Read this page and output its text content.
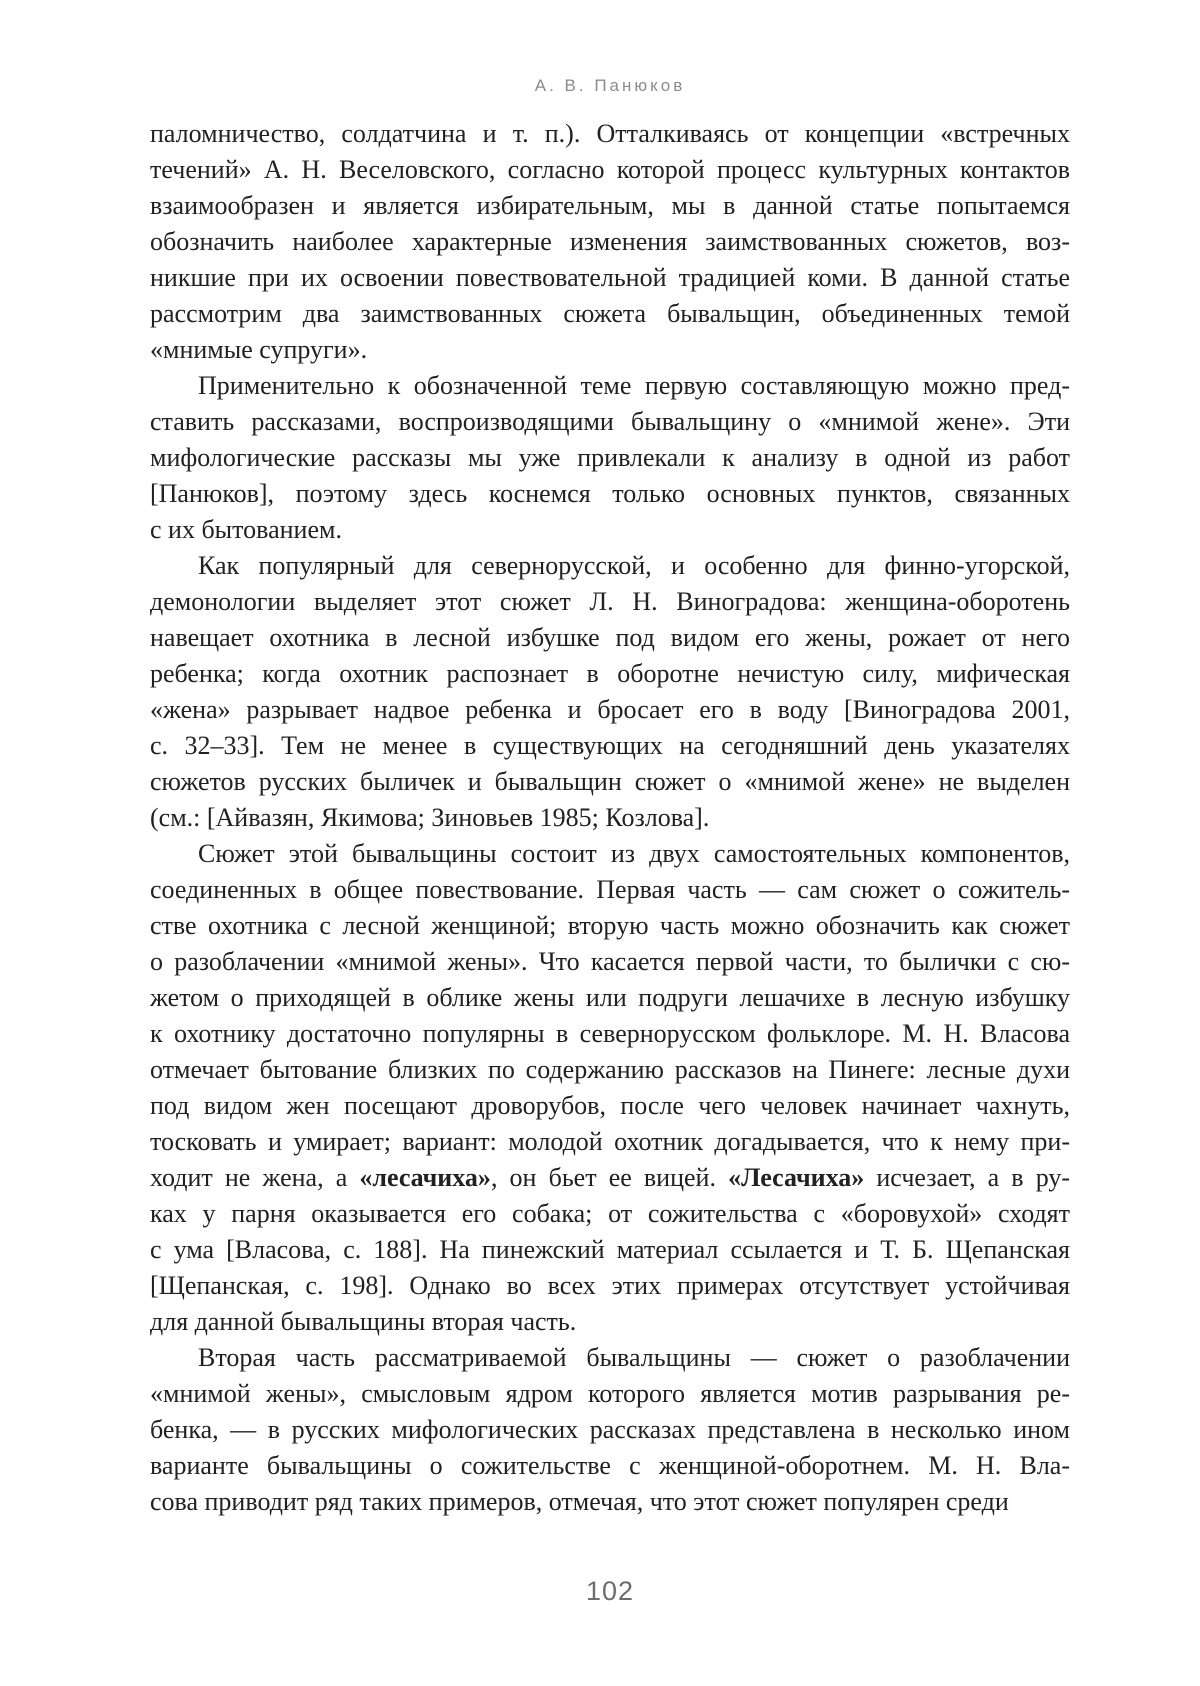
А. В. Панюков
паломничество, солдатчина и т. п.). Отталкиваясь от концепции «встречных
течений» А. Н. Веселовского, согласно которой процесс культурных контактов
взаимообразен и является избирательным, мы в данной статье попытаемся
обозначить наиболее характерные изменения заимствованных сюжетов, воз-
никшие при их освоении повествовательной традицией коми. В данной статье
рассмотрим два заимствованных сюжета бывальщин, объединенных темой
«мнимые супруги».
Применительно к обозначенной теме первую составляющую можно пред-
ставить рассказами, воспроизводящими бывальщину о «мнимой жене». Эти
мифологические рассказы мы уже привлекали к анализу в одной из работ
[Панюков], поэтому здесь коснемся только основных пунктов, связанных
с их бытованием.
Как популярный для севернорусской, и особенно для финно-угорской,
демонологии выделяет этот сюжет Л. Н. Виноградова: женщина-оборотень
навещает охотника в лесной избушке под видом его жены, рожает от него
ребенка; когда охотник распознает в оборотне нечистую силу, мифическая
«жена» разрывает надвое ребенка и бросает его в воду [Виноградова 2001,
с. 32–33]. Тем не менее в существующих на сегодняшний день указателях
сюжетов русских быличек и бывальщин сюжет о «мнимой жене» не выделен
(см.: [Айвазян, Якимова; Зиновьев 1985; Козлова].
Сюжет этой бывальщины состоит из двух самостоятельных компонентов,
соединенных в общее повествование. Первая часть — сам сюжет о сожитель-
стве охотника с лесной женщиной; вторую часть можно обозначить как сюжет
о разоблачении «мнимой жены». Что касается первой части, то былички с сю-
жетом о приходящей в облике жены или подруги лешачихе в лесную избушку
к охотнику достаточно популярны в севернорусском фольклоре. М. Н. Власова
отмечает бытование близких по содержанию рассказов на Пинеге: лесные духи
под видом жен посещают дроворубов, после чего человек начинает чахнуть,
тосковать и умирает; вариант: молодой охотник догадывается, что к нему при-
ходит не жена, а «лесачиха», он бьет ее вицей. «Лесачиха» исчезает, а в ру-
ках у парня оказывается его собака; от сожительства с «боровухой» сходят
с ума [Власова, с. 188]. На пинежский материал ссылается и Т. Б. Щепанская
[Щепанская, с. 198]. Однако во всех этих примерах отсутствует устойчивая
для данной бывальщины вторая часть.
Вторая часть рассматриваемой бывальщины — сюжет о разоблачении
«мнимой жены», смысловым ядром которого является мотив разрывания ре-
бенка, — в русских мифологических рассказах представлена в несколько ином
варианте бывальщины о сожительстве с женщиной-оборотнем. М. Н. Вла-
сова приводит ряд таких примеров, отмечая, что этот сюжет популярен среди
102
